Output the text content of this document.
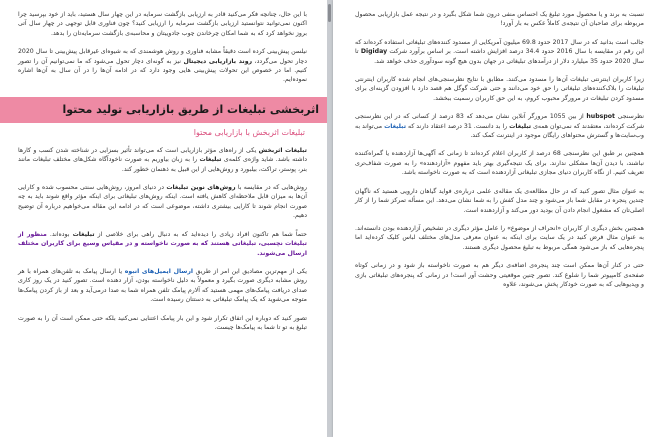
با این حال، چنانچه فکر می‌کنید قادر به ارزیابی بازگشت سرمایه در این چهار سال هستید، باید از خود بپرسید چرا اکنون نمی‌توانید نتوانستید ارزیابی بازگشت سرمایه را ارزیابی کنید؟ چون فناوری قابل توجهی در چهار سال آتی بروز نخواهد کرد که به شما امکان چرخاندن چوب جادوییتان و محاسبه‌ی بازگشت سرمایه‌تان را بدهد.

نیلسن پیش‌بینی کرده است دقیقاً مشابه فناوری و روش هوشمندی که به شیوه‌ای غیرقابل پیش‌بینی تا سال 2020 دچار تحول می‌گردد، روند بازاریابی دیجیتال نیز به گونه‌ای دچار تحول می‌شود که ما نمی‌توانیم آن را تصور کنیم. اما در خصوص این تحولات پیش‌بینی هایی وجود دارد که در ادامه آن‌ها را در آن سال به آن‌ها اشاره نموده‌ایم.

اثربخشی تبلیغات از طریق بازاریابی تولید محتوا
تبلیغات اثربخش با بازاریابی محتوا

تبلیغات اثربخش یکی از راه‌های مؤثر بازاریابی است که می‌تواند تأثیر بسزایی در شناخته شدن کسب و کارها داشته باشد. شاید واژه‌ی کلمه‌ی تبلیغات را به زبان بیاوریم به صورت ناخودآگاه شکل‌های مختلف تبلیغات مانند بنر، پوستر، تراکت، بیلبورد و روش‌هایی از این قبیل به ذهنمان خطور کند.

روش‌هایی که در مقایسه با روش‌های نوین تبلیغات در دنیای امروز، روش‌هایی سنتی محسوب شده و کارایی آن‌ها به میزان قابل ملاحظه‌ای کاهش یافته است. اینکه روش‌های تبلیغاتی برای اینکه مؤثر واقع شوند باید به چه صورت انجام شوند تا کارایی بیشتری داشته، موضوعی است که در ادامه این مقاله می‌خواهیم درباره آن توضیح دهیم.

حتماً شما هم تاکنون افراد زیادی را دیده‌اید که به دنبال راهی برای خلاصی از تبلیغات بوده‌اند. منظور از تبلیغات نچسبی، تبلیغاتی هستند که به صورت ناخواسته و در مقیاس وسیع برای کاربران مختلف ارسال می‌شوند.

یکی از مهم‌ترین مصادیق این امر از طریق ارسال ایمیل‌های انبوه یا ارسال پیامک به تلفن‌های همراه با هر روش مشابه دیگری صورت بگیرد و معمولاً به دلیل ناخواسته بودن، آزار دهنده است. تصور کنید در یک روز کاری صدای دریافت پیامک‌های مهمی هستید که آلارم پیامک تلفن همراه شما به صدا درمی‌آید و بعد از باز کردن پیامک‌ها متوجه می‌شوید که یک پیامک تبلیغاتی به دستتان رسیده است.

تصور کنید که دوباره این اتفاق تکرار شود و این بار پیامک اعتنایی نمی‌کنید بلکه حتی ممکن است آن را به صورت تبلیغ به تو تا شما به پیامک‌ها چیست.

نسبت به برند و یا محصول مورد تبلیغ یک احساس منفی درون شما شکل بگیرد و در نتیجه عمل بازاریابی محصول مربوطه برای صاحبان آن نتیجه‌ی کاملاً عکس به بار آورد!

جالب است بدانید که در سال 2017 حدود 69.8 میلیون آمریکایی از مسدود کننده‌های تبلیغاتی استفاده کرده‌اند که این رقم در مقایسه با سال 2016 حدود 34.4 درصد افزایش داشته است. بر اساس برآورد شرکت Digiday تا سال 2020 حدود 35 میلیارد دلار از درآمدهای تبلیغاتی در جهان بدون هیچ گونه سودآوری حذف خواهد شد.

زیرا کاربران اینترنتی تبلیغات آن‌ها را مسدود می‌کنند. مطابق با نتایج نظرسنجی‌های انجام شده کاربران اینترنتی تبلیغات را بلاک‌کننده‌های تبلیغاتی را حق خود می‌دانند و حتی شرکت گوگل هم قصد دارد با افزودن گزینه‌ای برای مسدود کردن تبلیغات در مرورگر محبوب کروم، به این حق کاربران رسمیت ببخشد.

نظرسنجی hubspot از بین 1055 مرورگر آنلاین نشان می‌دهد که 83 درصد از کسانی که در این نظرسنجی شرکت کرده‌اند، معتقدند که نمی‌توان همه‌ی تبلیغات را بد دانست. 31 درصد اعتقاد دارند که تبلیغات می‌تواند به وب‌سایت‌ها و گسترش محتواهای رایگان موجود در اینترنت کمک کند.

همچنین بر طبق این نظرسنجی 68 درصد از کاربران اعلام کرده‌اند تا زمانی که آگهی‌ها آزاردهنده یا گمراه‌کننده نباشند، با دیدن آن‌ها مشکلی ندارند. برای یک نتیجه‌گیری بهتر باید مفهوم «آزاردهنده» را به صورت شفاف‌تری تعریف کنیم. از نگاه کاربران دنیای مجازی تبلیغاتی آزاردهنده است که به صورت ناخواسته باشد.

به عنوان مثال تصور کنید که در حال مطالعه‌ی یک مقاله‌ی علمی درباره‌ی فواید گیاهان دارویی هستید که ناگهان چندین پنجره در مقابل شما باز می‌شود و چند مدل کفش را به شما نشان می‌دهد. این مسأله تمرکز شما را از کار اصلی‌تان که مشغول انجام دادن آن بودید دور می‌کند و آزاردهنده است.

همچنین بخش دیگری از کاربران «انحراف از موضوع» را عامل مؤثر دیگری در تشخیص آزاردهنده بودن دانسته‌اند. به عنوان مثال فرض کنید در یک سایت برای اینکه به عنوان معرفی مدل‌های مختلف لباس کلیک کرده‌اید اما پنجره‌هایی که باز می‌شود همگی مربوط به تبلیغ محصول دیگری هستند.

حتی در کنار آن‌ها ممکن است چند پنجره‌ی اضافه‌ی دیگر هم به صورت ناخواسته باز شود و در زمانی کوتاه صفحه‌ی کامپیوتر شما را شلوغ کند. تصور چنین موقعیتی وحشت آور است! در زمانی که پنجره‌های تبلیغاتی بازی و ویدیوهایی که به صورت خودکار پخش می‌شوند، علاوه
